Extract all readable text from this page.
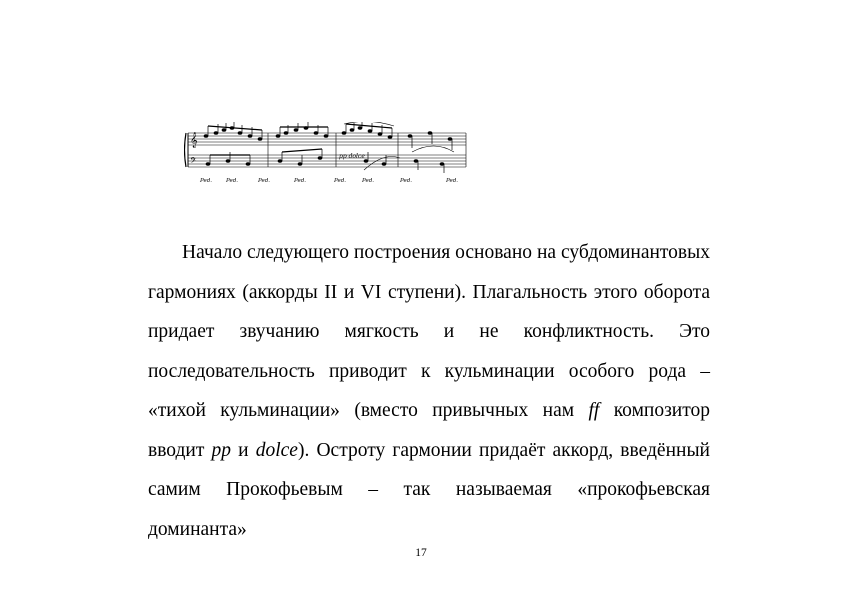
𝄞
𝄢
pp dolce
Ped.	Ped.	Ped.	Ped.	Ped.	Ped.	Ped.	Ped.

Начало следующего построения основано на субдоминантовых гармониях (аккорды II и VI ступени). Плагальность этого оборота придает звучанию мягкость и не конфликтность. Это последовательность приводит к кульминации особого рода – «тихой кульминации» (вместо привычных нам ff композитор вводит pp и dolce). Остроту гармонии придаёт аккорд, введённый самим Прокофьевым – так называемая «прокофьевская доминанта»

17
